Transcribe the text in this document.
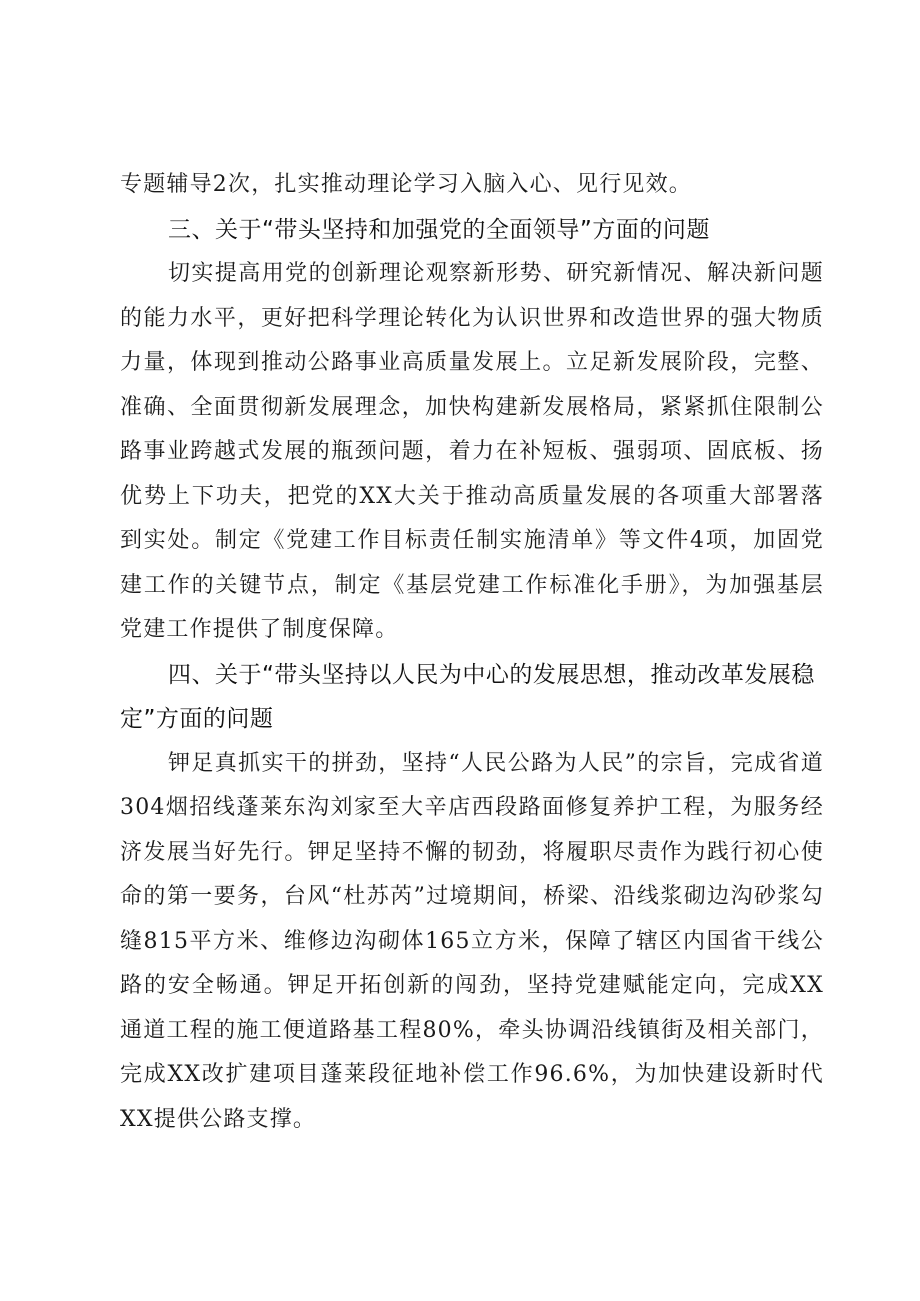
专题辅导2次，扎实推动理论学习入脑入心、见行见效。

三、关于“带头坚持和加强党的全面领导”方面的问题

切实提高用党的创新理论观察新形势、研究新情况、解决新问题的能力水平，更好把科学理论转化为认识世界和改造世界的强大物质力量，体现到推动公路事业高质量发展上。立足新发展阶段，完整、准确、全面贯彻新发展理念，加快构建新发展格局，紧紧抓住限制公路事业跨越式发展的瓶颈问题，着力在补短板、强弱项、固底板、扬优势上下功夫，把党的XX大关于推动高质量发展的各项重大部署落到实处。制定《党建工作目标责任制实施清单》等文件4项，加固党建工作的关键节点，制定《基层党建工作标准化手册》，为加强基层党建工作提供了制度保障。

四、关于“带头坚持以人民为中心的发展思想，推动改革发展稳定”方面的问题

钾足真抓实干的拼劲，坚持“人民公路为人民”的宗旨，完成省道304烟招线蓬莱东沟刘家至大辛店西段路面修复养护工程，为服务经济发展当好先行。钾足坚持不懈的韧劲，将履职尽责作为践行初心使命的第一要务，台风“杜苏芮”过境期间，桥梁、沿线浆砌边沟砂浆勾缝815平方米、维修边沟砌体165立方米，保障了辖区内国省干线公路的安全畅通。钾足开拓创新的闯劲，坚持党建赋能定向，完成XX通道工程的施工便道路基工程80%，牵头协调沿线镇街及相关部门，完成XX改扩建项目蓬莱段征地补偿工作96.6%，为加快建设新时代XX提供公路支撑。
